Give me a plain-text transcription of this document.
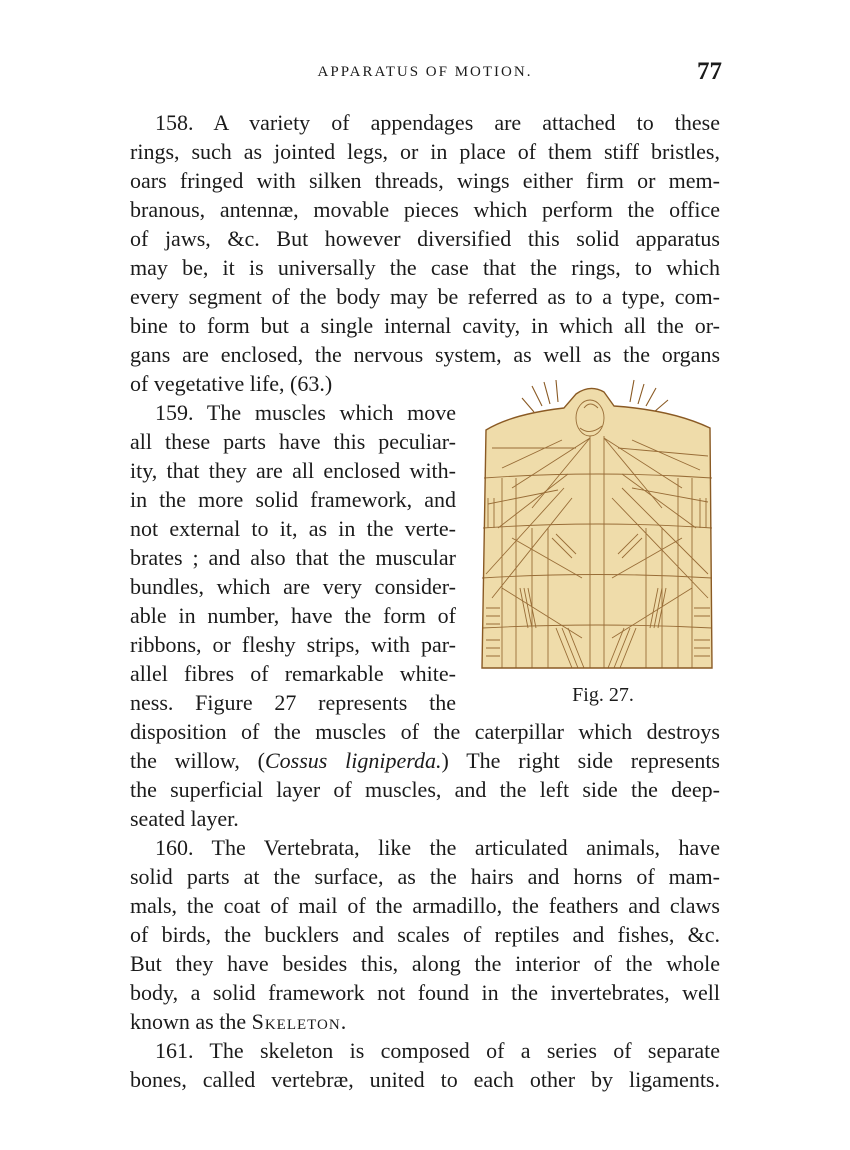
APPARATUS OF MOTION.	77
158. A variety of appendages are attached to these
rings, such as jointed legs, or in place of them stiff bristles,
oars fringed with silken threads, wings either firm or mem-
branous, antennæ, movable pieces which perform the office
of jaws, &c. But however diversified this solid apparatus
may be, it is universally the case that the rings, to which
every segment of the body may be referred as to a type, com-
bine to form but a single internal cavity, in which all the or-
gans are enclosed, the nervous system, as well as the organs
of vegetative life, (63.)
159. The muscles which move
all these parts have this peculiar-
ity, that they are all enclosed with-
in the more solid framework, and
not external to it, as in the verte-
brates ; and also that the muscular
bundles, which are very consider-
able in number, have the form of
ribbons, or fleshy strips, with par-
allel fibres of remarkable white-
ness. Figure 27 represents the	Fig. 27.
disposition of the muscles of the caterpillar which destroys
the willow, (Cossus ligniperda.) The right side represents
the superficial layer of muscles, and the left side the deep-
seated layer.
160. The Vertebrata, like the articulated animals, have
solid parts at the surface, as the hairs and horns of mam-
mals, the coat of mail of the armadillo, the feathers and claws
of birds, the bucklers and scales of reptiles and fishes, &c.
But they have besides this, along the interior of the whole
body, a solid framework not found in the invertebrates, well
known as the Skeleton.
161. The skeleton is composed of a series of separate
bones, called vertebræ, united to each other by ligaments.
